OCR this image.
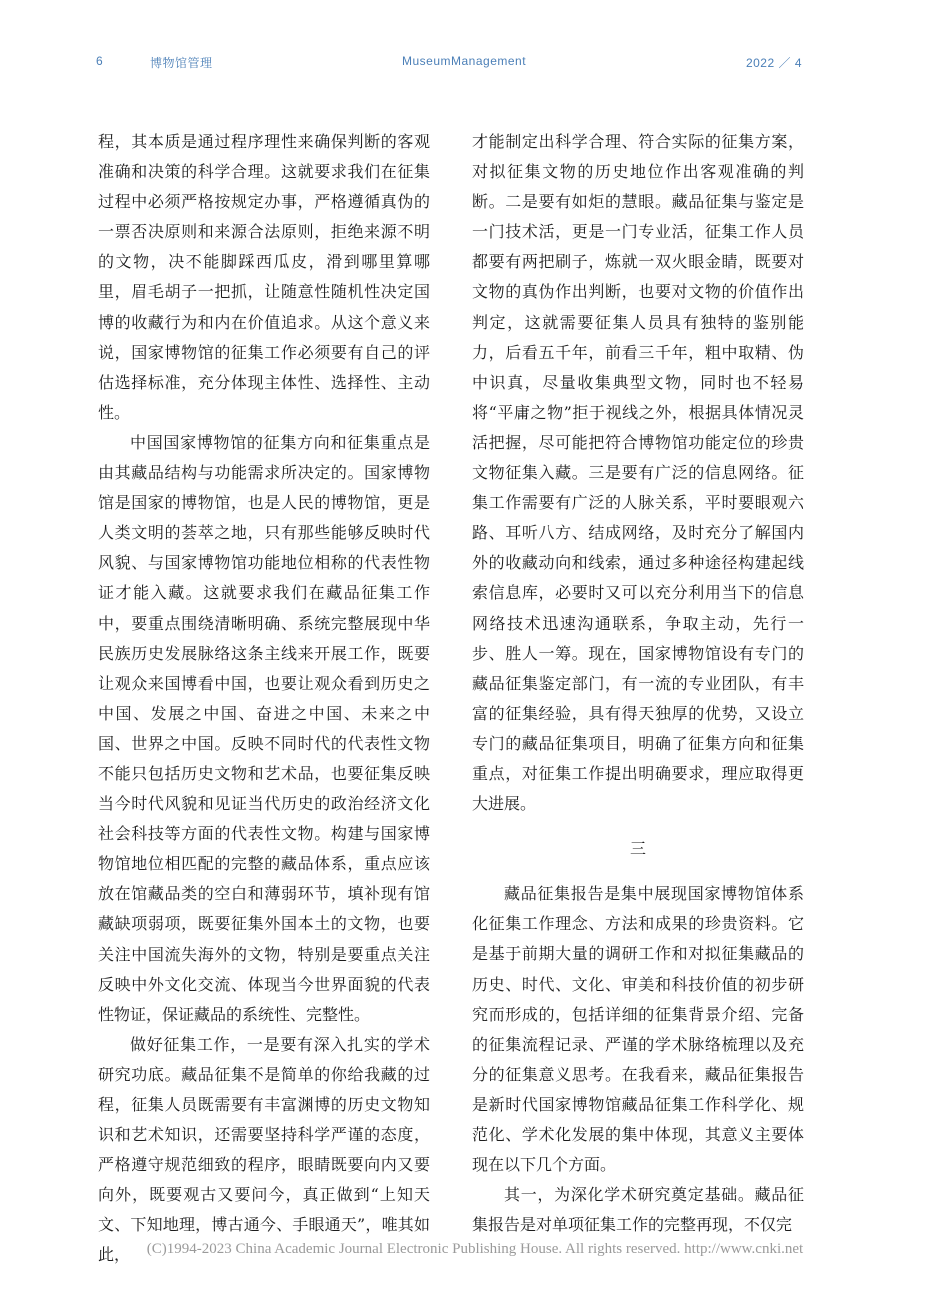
6	博物馆管理	MuseumManagement	2022 ／ 4

程，其本质是通过程序理性来确保判断的客观准确和决策的科学合理。这就要求我们在征集过程中必须严格按规定办事，严格遵循真伪的一票否决原则和来源合法原则，拒绝来源不明的文物，决不能脚踩西瓜皮，滑到哪里算哪里，眉毛胡子一把抓，让随意性随机性决定国博的收藏行为和内在价值追求。从这个意义来说，国家博物馆的征集工作必须要有自己的评估选择标准，充分体现主体性、选择性、主动性。

中国国家博物馆的征集方向和征集重点是由其藏品结构与功能需求所决定的。国家博物馆是国家的博物馆，也是人民的博物馆，更是人类文明的荟萃之地，只有那些能够反映时代风貌、与国家博物馆功能地位相称的代表性物证才能入藏。这就要求我们在藏品征集工作中，要重点围绕清晰明确、系统完整展现中华民族历史发展脉络这条主线来开展工作，既要让观众来国博看中国，也要让观众看到历史之中国、发展之中国、奋进之中国、未来之中国、世界之中国。反映不同时代的代表性文物不能只包括历史文物和艺术品，也要征集反映当今时代风貌和见证当代历史的政治经济文化社会科技等方面的代表性文物。构建与国家博物馆地位相匹配的完整的藏品体系，重点应该放在馆藏品类的空白和薄弱环节，填补现有馆藏缺项弱项，既要征集外国本土的文物，也要关注中国流失海外的文物，特别是要重点关注反映中外文化交流、体现当今世界面貌的代表性物证，保证藏品的系统性、完整性。

做好征集工作，一是要有深入扎实的学术研究功底。藏品征集不是简单的你给我藏的过程，征集人员既需要有丰富渊博的历史文物知识和艺术知识，还需要坚持科学严谨的态度，严格遵守规范细致的程序，眼睛既要向内又要向外，既要观古又要问今，真正做到“上知天文、下知地理，博古通今、手眼通天”，唯其如此，

才能制定出科学合理、符合实际的征集方案，对拟征集文物的历史地位作出客观准确的判断。二是要有如炬的慧眼。藏品征集与鉴定是一门技术活，更是一门专业活，征集工作人员都要有两把刷子，炼就一双火眼金睛，既要对文物的真伪作出判断，也要对文物的价值作出判定，这就需要征集人员具有独特的鉴别能力，后看五千年，前看三千年，粗中取精、伪中识真，尽量收集典型文物，同时也不轻易将“平庸之物”拒于视线之外，根据具体情况灵活把握，尽可能把符合博物馆功能定位的珍贵文物征集入藏。三是要有广泛的信息网络。征集工作需要有广泛的人脉关系，平时要眼观六路、耳听八方、结成网络，及时充分了解国内外的收藏动向和线索，通过多种途径构建起线索信息库，必要时又可以充分利用当下的信息网络技术迅速沟通联系，争取主动，先行一步、胜人一筹。现在，国家博物馆设有专门的藏品征集鉴定部门，有一流的专业团队，有丰富的征集经验，具有得天独厚的优势，又设立专门的藏品征集项目，明确了征集方向和征集重点，对征集工作提出明确要求，理应取得更大进展。

三

藏品征集报告是集中展现国家博物馆体系化征集工作理念、方法和成果的珍贵资料。它是基于前期大量的调研工作和对拟征集藏品的历史、时代、文化、审美和科技价值的初步研究而形成的，包括详细的征集背景介绍、完备的征集流程记录、严谨的学术脉络梳理以及充分的征集意义思考。在我看来，藏品征集报告是新时代国家博物馆藏品征集工作科学化、规范化、学术化发展的集中体现，其意义主要体现在以下几个方面。

其一，为深化学术研究奠定基础。藏品征集报告是对单项征集工作的完整再现，不仅完

(C)1994-2023 China Academic Journal Electronic Publishing House. All rights reserved. http://www.cnki.net
